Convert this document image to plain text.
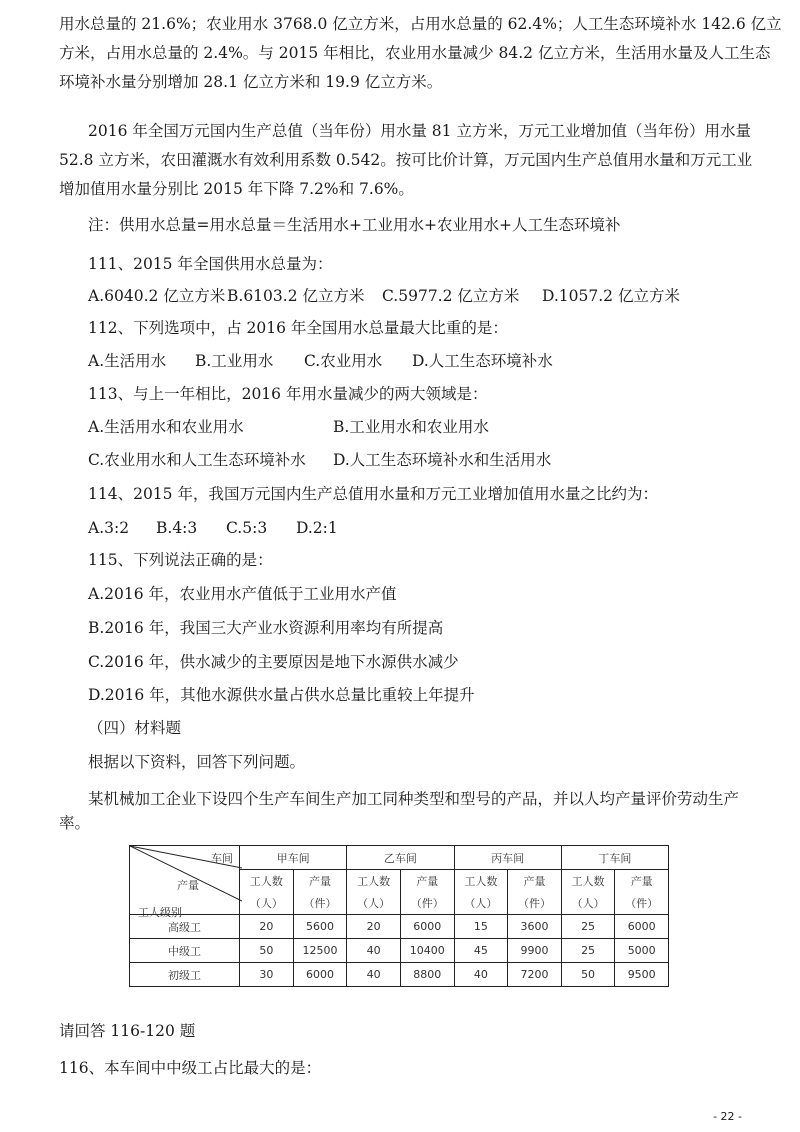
用水总量的 21.6%；农业用水 3768.0 亿立方米，占用水总量的 62.4%；人工生态环境补水 142.6 亿立
方米，占用水总量的 2.4%。与 2015 年相比，农业用水量减少 84.2 亿立方米，生活用水量及人工生态
环境补水量分别增加 28.1 亿立方米和 19.9 亿立方米。
2016 年全国万元国内生产总值（当年份）用水量 81 立方米，万元工业增加值（当年份）用水量
52.8 立方米，农田灌溉水有效利用系数 0.542。按可比价计算，万元国内生产总值用水量和万元工业
增加值用水量分别比 2015 年下降 7.2%和 7.6%。
注：供用水总量=用水总量＝生活用水+工业用水+农业用水+人工生态环境补
111、2015 年全国供用水总量为：
A.6040.2 亿立方米 B.6103.2 亿立方米 C.5977.2 亿立方米 D.1057.2 亿立方米
112、下列选项中，占 2016 年全国用水总量最大比重的是：
A.生活用水 B.工业用水 C.农业用水 D.人工生态环境补水
113、与上一年相比，2016 年用水量减少的两大领域是：
A.生活用水和农业用水	B.工业用水和农业用水
C.农业用水和人工生态环境补水 D.人工生态环境补水和生活用水
114、2015 年，我国万元国内生产总值用水量和万元工业增加值用水量之比约为：
A.3:2 B.4:3 C.5:3 D.2:1
115、下列说法正确的是：
A.2016 年，农业用水产值低于工业用水产值
B.2016 年，我国三大产业水资源利用率均有所提高
C.2016 年，供水减少的主要原因是地下水源供水减少
D.2016 年，其他水源供水量占供水总量比重较上年提升
（四）材料题
根据以下资料，回答下列问题。
某机械加工企业下设四个生产车间生产加工同种类型和型号的产品，并以人均产量评价劳动生产
率。
车间
产量
工人级别	甲车间		乙车间		丙车间		丁车间	
	工人数	产量	工人数	产量	工人数	产量	工人数	产量
	（人）	（件）	（人）	（件）	（人）	（件）	（人）	（件）
高级工	20	5600	20	6000	15	3600	25	6000
中级工	50	12500	40	10400	45	9900	25	5000
初级工	30	6000	40	8800	40	7200	50	9500
请回答 116-120 题
116、本车间中中级工占比最大的是：
- 22 -
